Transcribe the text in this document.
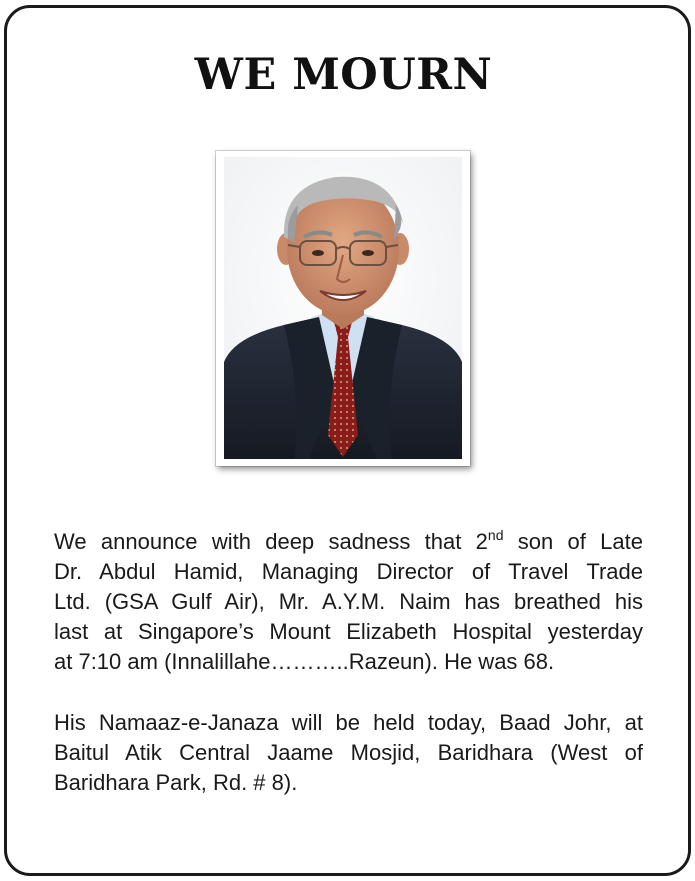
WE MOURN
We announce with deep sadness that 2nd son of Late
Dr. Abdul Hamid, Managing Director of Travel Trade
Ltd. (GSA Gulf Air), Mr. A.Y.M. Naim has breathed his
last at Singapore’s Mount Elizabeth Hospital yesterday
at 7:10 am (Innalillahe………..Razeun). He was 68.
His Namaaz-e-Janaza will be held today, Baad Johr, at
Baitul Atik Central Jaame Mosjid, Baridhara (West of
Baridhara Park, Rd. # 8).
